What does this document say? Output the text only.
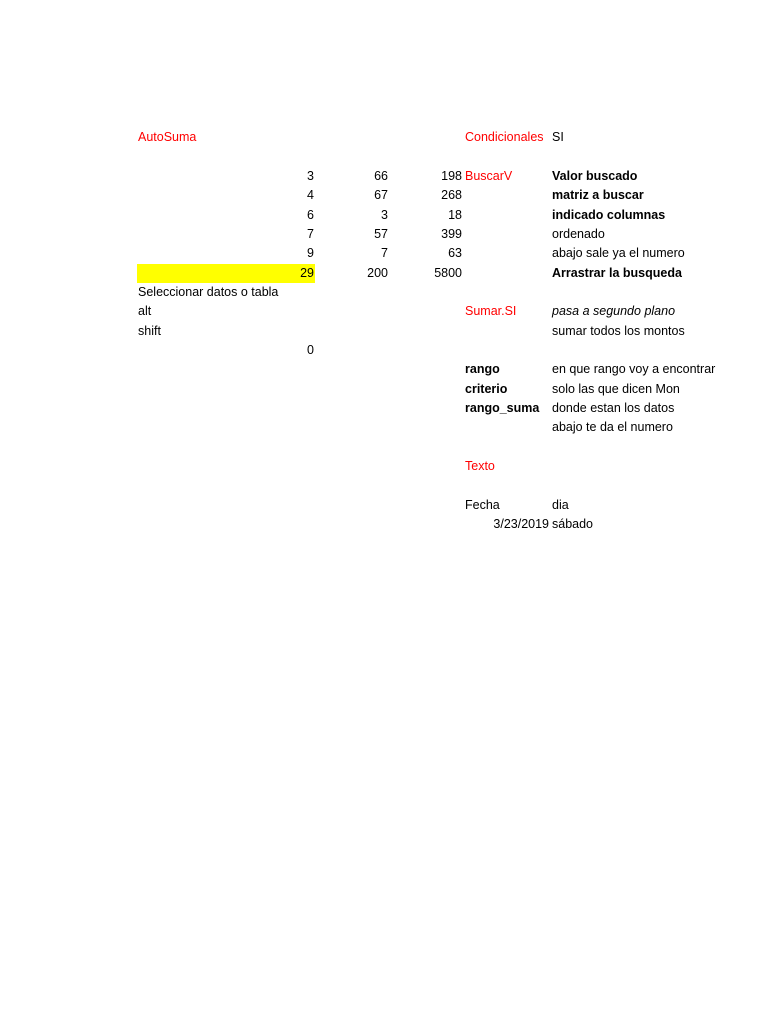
AutoSuma
3	66	198
4	67	268
6	3	18
7	57	399
9	7	63
29	200	5800
Seleccionar datos o tabla
alt
shift
0
Condicionales SI
BuscarV	Valor buscado
matriz a buscar
indicado columnas
ordenado
abajo sale ya el numero
Arrastrar la busqueda
Sumar.SI	pasa a segundo plano
sumar todos los montos
rango	en que rango voy a encontrar
criterio	solo las que dicen Mon
rango_suma donde estan los datos
abajo te da el numero
Texto
Fecha	dia
3/23/2019 sábado
